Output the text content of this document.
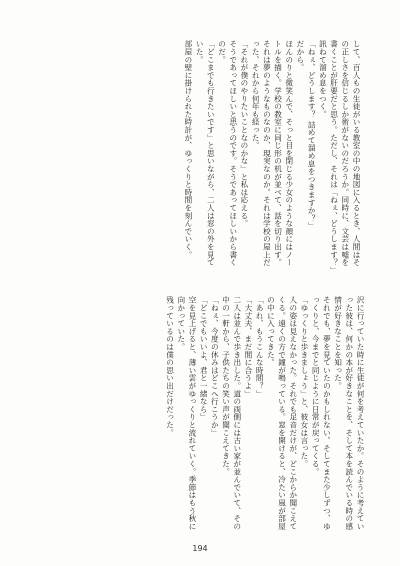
して、百人もの生徒がいる教室の中の地図に入るとき、人間はその正しさを信じるしか術がないのだろうか。同時に、文芸は嘘を書くことが肝要だと思う。ただし、それは「ねぇ、どうします？」訊ねて溜め息をつく。
「ねぇ、どうします？ 詰めて溜め息をつきますか？」
だから。
ほんのりと微笑んで、そっと目を閉じる少女のような顔にはノートルを描く。学校の教室に同じ形の机が並べて、話を切り出す。それは夢のようなものなのか、現実なのか。それは学校の屋上だった、それから何年も経った。
「それが僕のやりたいことなのかな」と私は応える。
そうであってほしいと思うのです。そうであってほしいから書くのだ。
「どこまでも行きたいです」と思いながら、二人は窓の外を見ていた。
部屋の壁に掛けられた時計が、ゆっくりと時間を刻んでいく。
沢に行っていた時に生徒が何を考えていたか。そのように考えていった彼は、何かの本が好きなことを、そして本を読んでいる時の感情が好きなことを知った。
それでも、夢を見ていたのかもしれない。そしてまた少しずつ、ゆっくりと、今までと同じように日常が戻ってくる。
「ゆっくりと歩きましょう」と、彼女は言った。
人の姿は見えなかった。それでも足音だけが、どこからか聞こえてくる。遠くの方で鐘が鳴っている。窓を開けると、冷たい風が部屋の中に入ってきた。
「あれ、もうこんな時間？」
「大丈夫、まだ間に合うよ」
二人は並んで歩き出した。道の両側には古い家が並んでいて、その中の一軒から、子供たちの笑い声が聞こえてきた。
「ねぇ、今度の休みはどこへ行こうか」
「どこでもいいよ、君と一緒なら」
空を見上げると、薄い雲がゆっくりと流れていく。季節はもう秋に向かっていた。
残っているのは僕の思い出だけだった。
194
